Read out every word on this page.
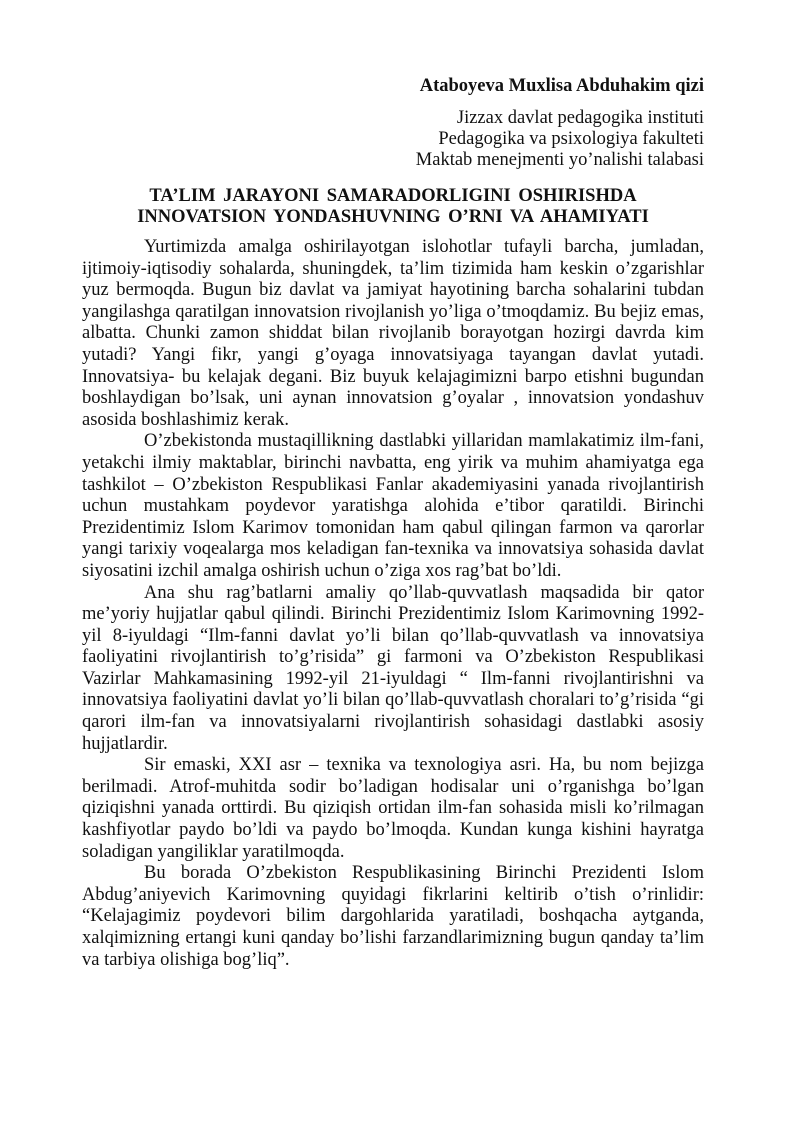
Ataboyeva Muxlisa Abduhakim qizi

Jizzax davlat pedagogika instituti

Pedagogika va psixologiya fakulteti

Maktab menejmenti yo’nalishi talabasi

TA’LIM JARAYONI SAMARADORLIGINI OSHIRISHDA
INNOVATSION YONDASHUVNING O’RNI VA AHAMIYATI

Yurtimizda amalga oshirilayotgan islohotlar tufayli barcha, jumladan, ijtimoiy-iqtisodiy sohalarda, shuningdek, ta’lim tizimida ham keskin o’zgarishlar yuz bermoqda. Bugun biz davlat va jamiyat hayotining barcha sohalarini tubdan yangilashga qaratilgan innovatsion rivojlanish yo’liga o’tmoqdamiz. Bu bejiz emas, albatta. Chunki zamon shiddat bilan rivojlanib borayotgan hozirgi davrda kim yutadi? Yangi fikr, yangi g’oyaga innovatsiyaga tayangan davlat yutadi. Innovatsiya- bu kelajak degani. Biz buyuk kelajagimizni barpo etishni bugundan boshlaydigan bo’lsak, uni aynan innovatsion g’oyalar , innovatsion yondashuv asosida boshlashimiz kerak.

O’zbekistonda mustaqillikning dastlabki yillaridan mamlakatimiz ilm-fani, yetakchi ilmiy maktablar, birinchi navbatta, eng yirik va muhim ahamiyatga ega tashkilot – O’zbekiston Respublikasi Fanlar akademiyasini yanada rivojlantirish uchun mustahkam poydevor yaratishga alohida e’tibor qaratildi. Birinchi Prezidentimiz Islom Karimov tomonidan ham qabul qilingan farmon va qarorlar yangi tarixiy voqealarga mos keladigan fan-texnika va innovatsiya sohasida davlat siyosatini izchil amalga oshirish uchun o’ziga xos rag’bat bo’ldi.

Ana shu rag’batlarni amaliy qo’llab-quvvatlash maqsadida bir qator me’yoriy hujjatlar qabul qilindi. Birinchi Prezidentimiz Islom Karimovning 1992-yil 8-iyuldagi “Ilm-fanni davlat yo’li bilan qo’llab-quvvatlash va innovatsiya faoliyatini rivojlantirish to’g’risida” gi farmoni va O’zbekiston Respublikasi Vazirlar Mahkamasining 1992-yil 21-iyuldagi “ Ilm-fanni rivojlantirishni va innovatsiya faoliyatini davlat yo’li bilan qo’llab-quvvatlash choralari to’g’risida “gi qarori ilm-fan va innovatsiyalarni rivojlantirish sohasidagi dastlabki asosiy hujjatlardir.

Sir emaski, XXI asr – texnika va texnologiya asri. Ha, bu nom bejizga berilmadi. Atrof-muhitda sodir bo’ladigan hodisalar uni o’rganishga bo’lgan qiziqishni yanada orttirdi. Bu qiziqish ortidan ilm-fan sohasida misli ko’rilmagan kashfiyotlar paydo bo’ldi va paydo bo’lmoqda. Kundan kunga kishini hayratga soladigan yangiliklar yaratilmoqda.

Bu borada O’zbekiston Respublikasining Birinchi Prezidenti Islom Abdug’aniyevich Karimovning quyidagi fikrlarini keltirib o’tish o’rinlidir: “Kelajagimiz poydevori bilim dargohlarida yaratiladi, boshqacha aytganda, xalqimizning ertangi kuni qanday bo’lishi farzandlarimizning bugun qanday ta’lim va tarbiya olishiga bog’liq”.
